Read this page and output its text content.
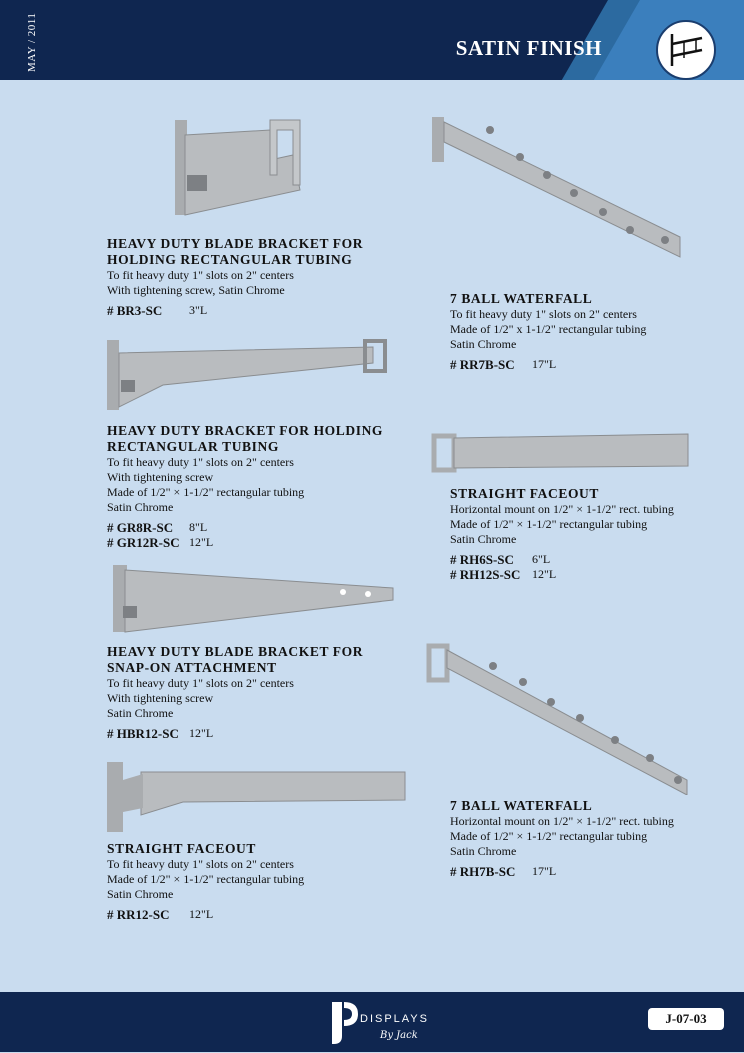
MAY / 2011	SATIN FINISH
HEAVY DUTY BLADE BRACKET FOR
HOLDING RECTANGULAR TUBING
To fit heavy duty 1" slots on 2" centers
With tightening screw, Satin Chrome
# BR3-SC	3"L
HEAVY DUTY BRACKET FOR HOLDING
RECTANGULAR TUBING
To fit heavy duty 1" slots on 2" centers
With tightening screw
Made of 1/2" × 1-1/2" rectangular tubing
Satin Chrome
# GR8R-SC	8"L
# GR12R-SC 12"L
HEAVY DUTY BLADE BRACKET FOR
SNAP-ON ATTACHMENT
To fit heavy duty 1" slots on 2" centers
With tightening screw
Satin Chrome
# HBR12-SC 12"L
STRAIGHT FACEOUT
To fit heavy duty 1" slots on 2" centers
Made of 1/2" × 1-1/2" rectangular tubing
Satin Chrome
# RR12-SC	12"L
7 BALL WATERFALL
To fit heavy duty 1" slots on 2" centers
Made of 1/2" x 1-1/2" rectangular tubing
Satin Chrome
# RR7B-SC	17"L
STRAIGHT FACEOUT
Horizontal mount on 1/2" × 1-1/2" rect. tubing
Made of 1/2" × 1-1/2" rectangular tubing
Satin Chrome
# RH6S-SC	6"L
# RH12S-SC 12"L
7 BALL WATERFALL
Horizontal mount on 1/2" × 1-1/2" rect. tubing
Made of 1/2" × 1-1/2" rectangular tubing
Satin Chrome
# RH7B-SC	17"L
DISPLAYS
By Jack
J-07-03
